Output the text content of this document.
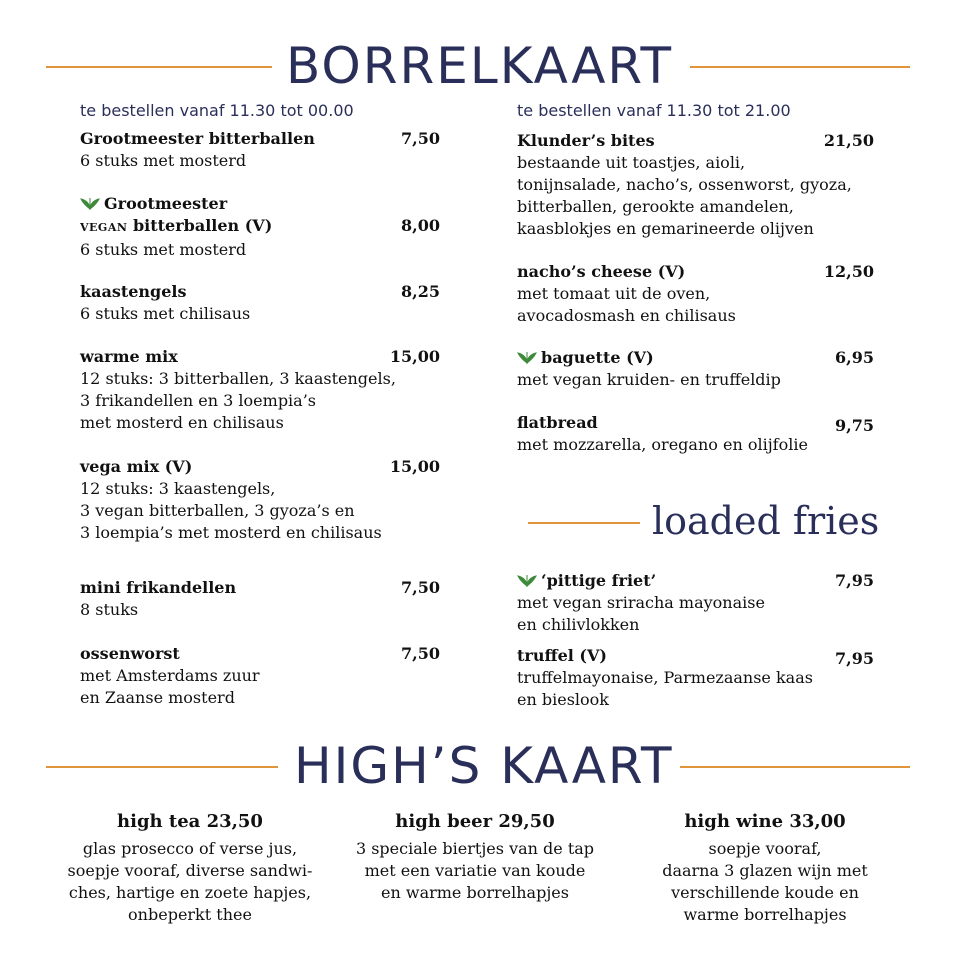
BORRELKAART
te bestellen vanaf 11.30 tot 00.00	te bestellen vanaf 11.30 tot 21.00
Grootmeester bitterballen	7,50
6 stuks met mosterd
Grootmeester
VEGAN bitterballen (V)	8,00
6 stuks met mosterd
kaastengels	8,25
6 stuks met chilisaus
warme mix	15,00
12 stuks: 3 bitterballen, 3 kaastengels,
3 frikandellen en 3 loempia’s
met mosterd en chilisaus
vega mix (V)	15,00
12 stuks: 3 kaastengels,
3 vegan bitterballen, 3 gyoza’s en
3 loempia’s met mosterd en chilisaus
mini frikandellen	7,50
8 stuks
ossenworst	7,50
met Amsterdams zuur
en Zaanse mosterd
Klunder’s bites	21,50
bestaande uit toastjes, aioli,
tonijnsalade, nacho’s, ossenworst, gyoza,
bitterballen, gerookte amandelen,
kaasblokjes en gemarineerde olijven
nacho’s cheese (V)	12,50
met tomaat uit de oven,
avocadosmash en chilisaus
baguette (V)	6,95
met vegan kruiden- en truffeldip
flatbread	9,75
met mozzarella, oregano en olijfolie
loaded fries
‘pittige friet’	7,95
met vegan sriracha mayonaise
en chilivlokken
truffel (V)	7,95
truffelmayonaise, Parmezaanse kaas
en bieslook
HIGH’S KAART
high tea 23,50
glas prosecco of verse jus,
soepje vooraf, diverse sandwi-
ches, hartige en zoete hapjes,
onbeperkt thee
high beer 29,50
3 speciale biertjes van de tap
met een variatie van koude
en warme borrelhapjes
high wine 33,00
soepje vooraf,
daarna 3 glazen wijn met
verschillende koude en
warme borrelhapjes
